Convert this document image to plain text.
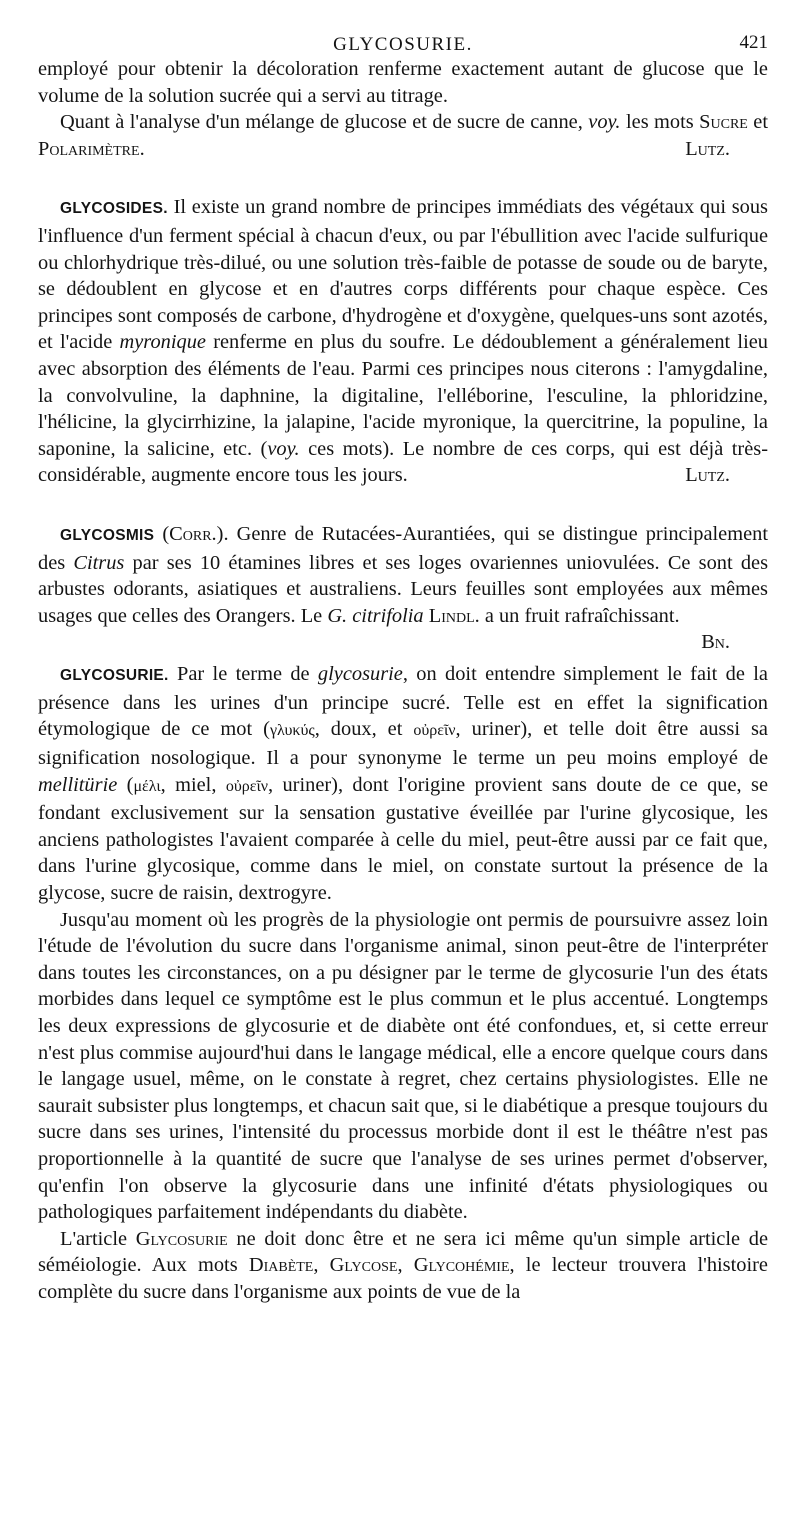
GLYCOSURIE.	421

employé pour obtenir la décoloration renferme exactement autant de glucose que le volume de la solution sucrée qui a servi au titrage.

Quant à l'analyse d'un mélange de glucose et de sucre de canne, voy. les mots Sucre et Polarimètre.	Lutz.

GLYCOSIDES. Il existe un grand nombre de principes immédiats des végétaux qui sous l'influence d'un ferment spécial à chacun d'eux, ou par l'ébullition avec l'acide sulfurique ou chlorhydrique très-dilué, ou une solution très-faible de potasse de soude ou de baryte, se dédoublent en glycose et en d'autres corps différents pour chaque espèce. Ces principes sont composés de carbone, d'hydrogène et d'oxygène, quelques-uns sont azotés, et l'acide myronique renferme en plus du soufre. Le dédoublement a généralement lieu avec absorption des éléments de l'eau. Parmi ces principes nous citerons : l'amygdaline, la convolvuline, la daphnine, la digitaline, l'elléborine, l'esculine, la phloridzine, l'hélicine, la glycirrhizine, la jalapine, l'acide myronique, la quercitrine, la populine, la saponine, la salicine, etc. (voy. ces mots). Le nombre de ces corps, qui est déjà très-considérable, augmente encore tous les jours.	Lutz.

GLYCOSMIS (Corr.). Genre de Rutacées-Aurantiées, qui se distingue principalement des Citrus par ses 10 étamines libres et ses loges ovariennes uniovulées. Ce sont des arbustes odorants, asiatiques et australiens. Leurs feuilles sont employées aux mêmes usages que celles des Orangers. Le G. citrifolia Lindl. a un fruit rafraîchissant.
Bn.

GLYCOSURIE. Par le terme de glycosurie, on doit entendre simplement le fait de la présence dans les urines d'un principe sucré. Telle est en effet la signification étymologique de ce mot (γλυκύς, doux, et οὐρεῖν, uriner), et telle doit être aussi sa signification nosologique. Il a pour synonyme le terme un peu moins employé de mellitürie (μέλι, miel, οὐρεῖν, uriner), dont l'origine provient sans doute de ce que, se fondant exclusivement sur la sensation gustative éveillée par l'urine glycosique, les anciens pathologistes l'avaient comparée à celle du miel, peut-être aussi par ce fait que, dans l'urine glycosique, comme dans le miel, on constate surtout la présence de la glycose, sucre de raisin, dextrogyre.

Jusqu'au moment où les progrès de la physiologie ont permis de poursuivre assez loin l'étude de l'évolution du sucre dans l'organisme animal, sinon peut-être de l'interpréter dans toutes les circonstances, on a pu désigner par le terme de glycosurie l'un des états morbides dans lequel ce symptôme est le plus commun et le plus accentué. Longtemps les deux expressions de glycosurie et de diabète ont été confondues, et, si cette erreur n'est plus commise aujourd'hui dans le langage médical, elle a encore quelque cours dans le langage usuel, même, on le constate à regret, chez certains physiologistes. Elle ne saurait subsister plus longtemps, et chacun sait que, si le diabétique a presque toujours du sucre dans ses urines, l'intensité du processus morbide dont il est le théâtre n'est pas proportionnelle à la quantité de sucre que l'analyse de ses urines permet d'observer, qu'enfin l'on observe la glycosurie dans une infinité d'états physiologiques ou pathologiques parfaitement indépendants du diabète.

L'article Glycosurie ne doit donc être et ne sera ici même qu'un simple article de séméiologie. Aux mots Diabète, Glycose, Glycohémie, le lecteur trouvera l'histoire complète du sucre dans l'organisme aux points de vue de la
